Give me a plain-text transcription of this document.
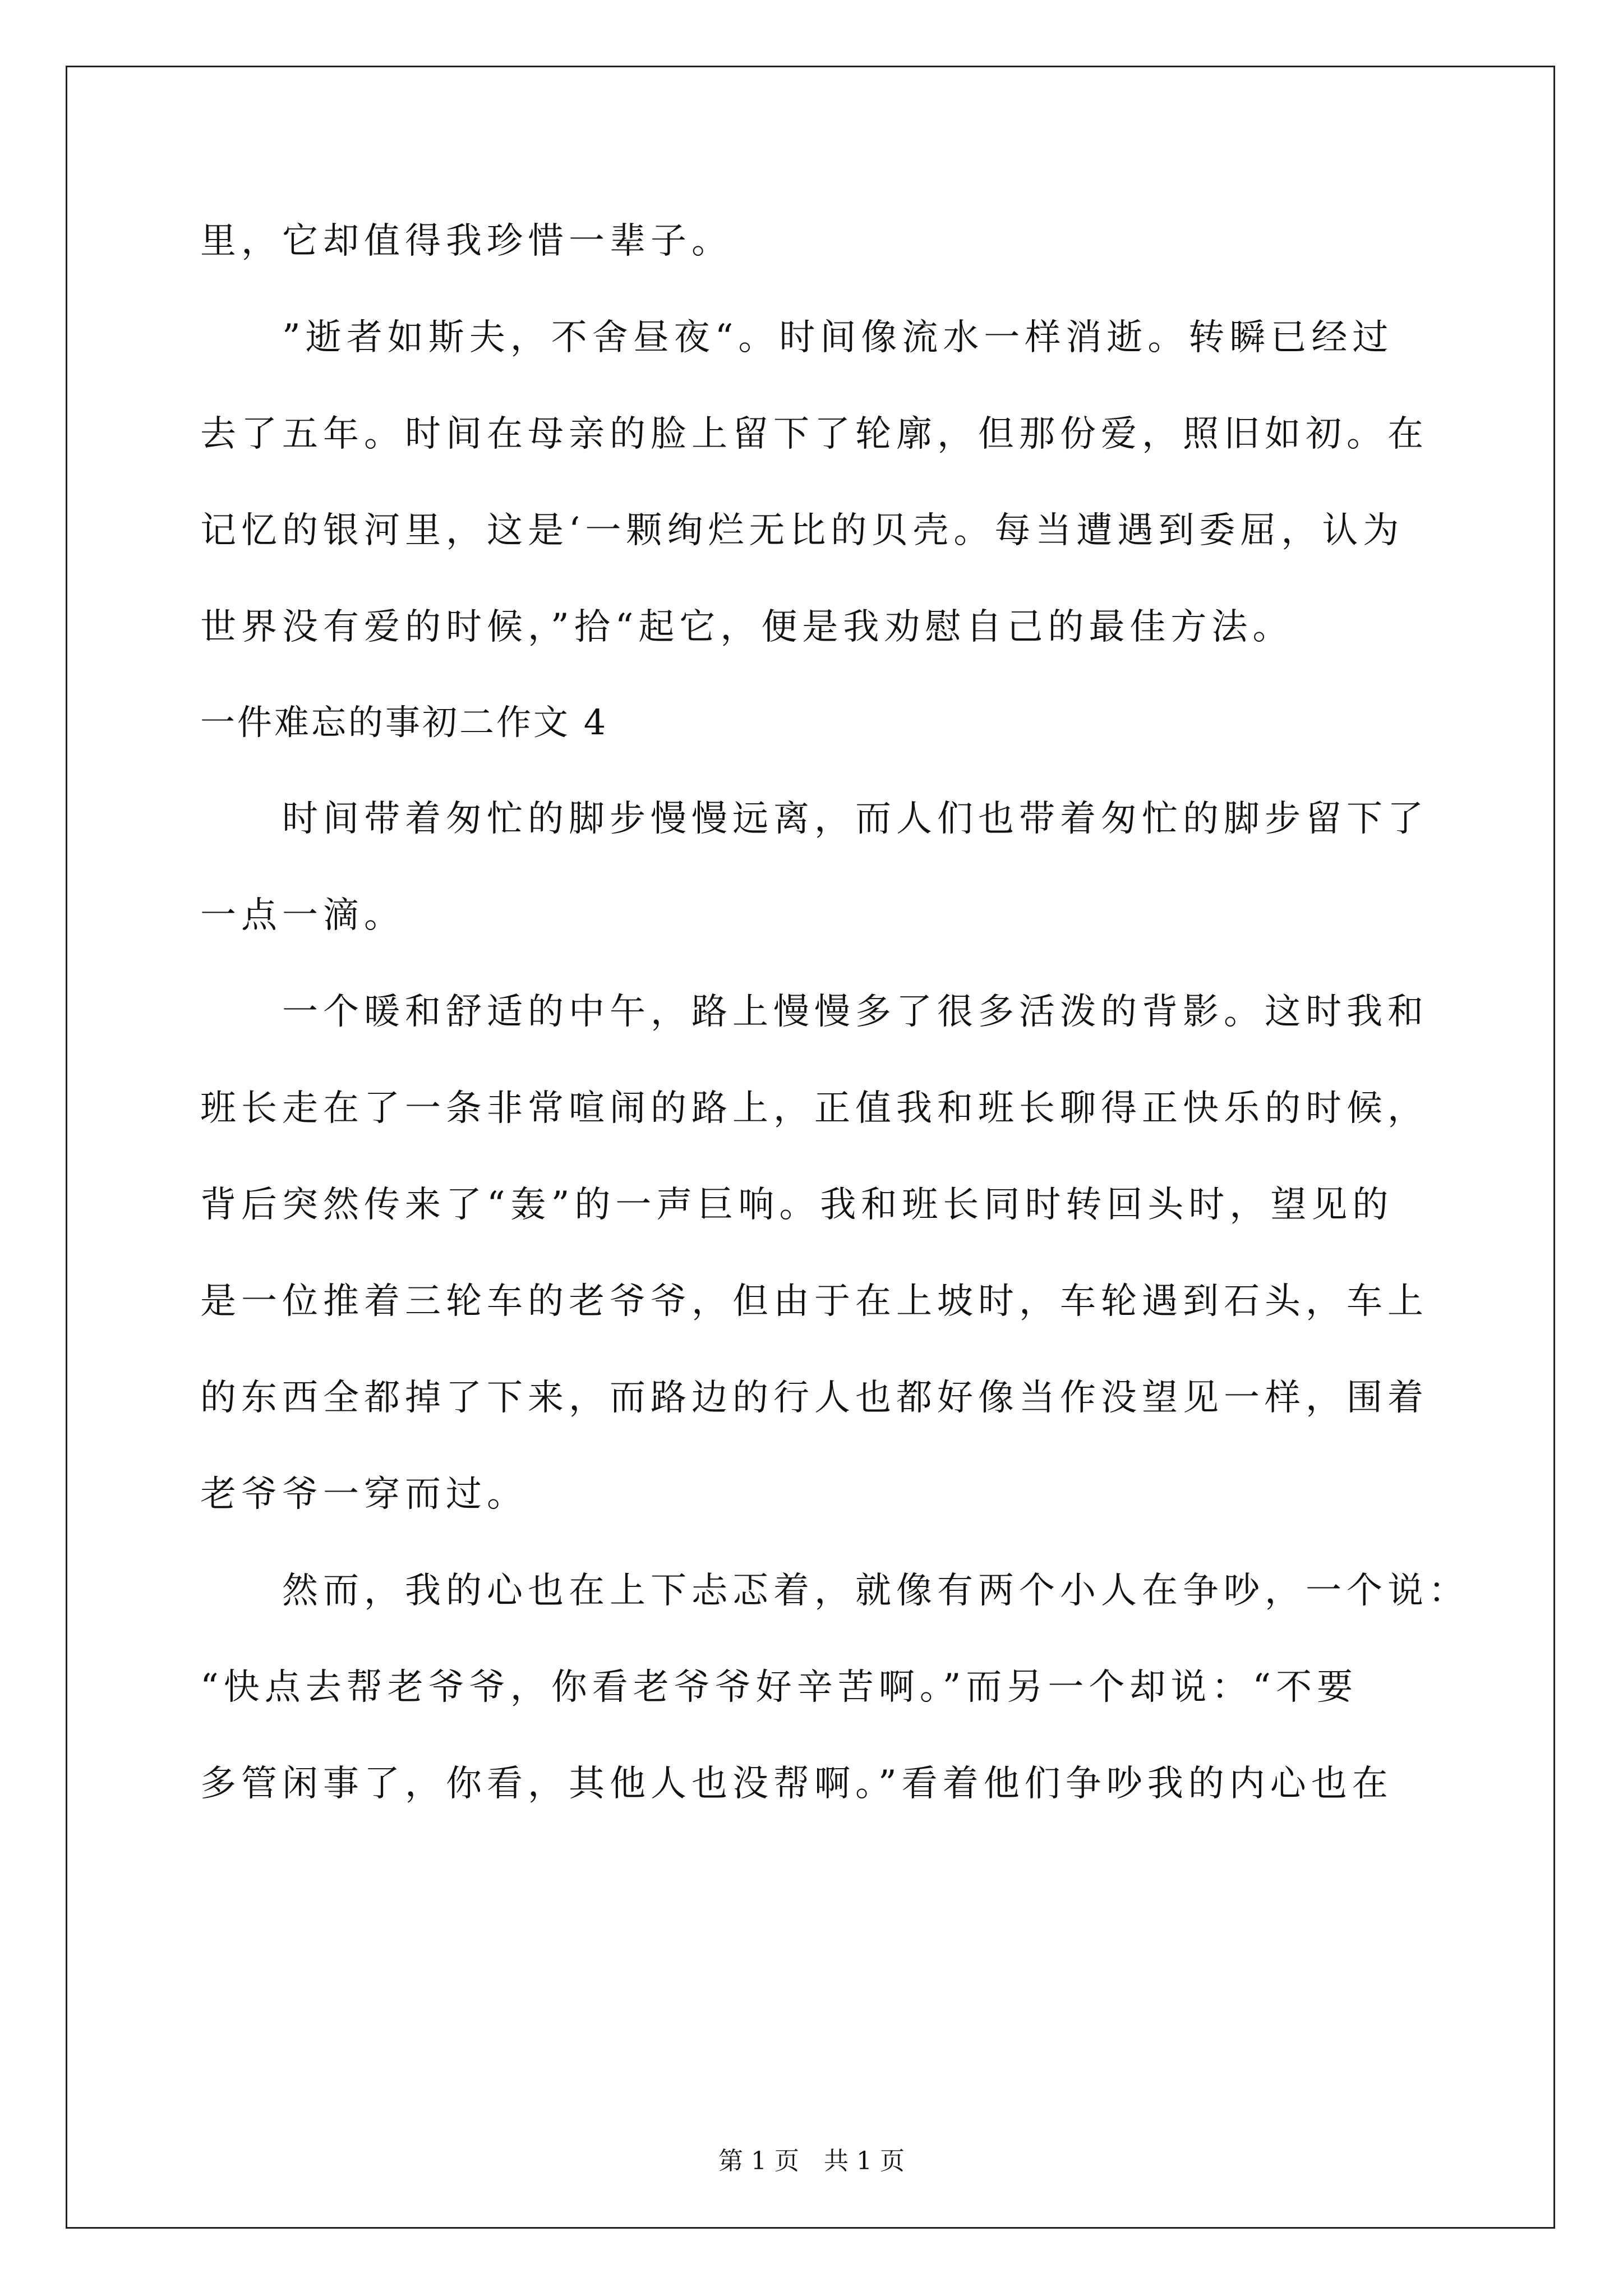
里，它却值得我珍惜一辈子。
　　”逝者如斯夫，不舍昼夜“。时间像流水一样消逝。转瞬已经过
去了五年。时间在母亲的脸上留下了轮廓，但那份爱，照旧如初。在
记忆的银河里，这是‘一颗绚烂无比的贝壳。每当遭遇到委屈，认为
世界没有爱的时候，”拾“起它，便是我劝慰自己的最佳方法。
一件难忘的事初二作文 4
　　时间带着匆忙的脚步慢慢远离，而人们也带着匆忙的脚步留下了
一点一滴。
　　一个暖和舒适的中午，路上慢慢多了很多活泼的背影。这时我和
班长走在了一条非常喧闹的路上，正值我和班长聊得正快乐的时候，
背后突然传来了“轰”的一声巨响。我和班长同时转回头时，望见的
是一位推着三轮车的老爷爷，但由于在上坡时，车轮遇到石头，车上
的东西全都掉了下来，而路边的行人也都好像当作没望见一样，围着
老爷爷一穿而过。
　　然而，我的心也在上下忐忑着，就像有两个小人在争吵，一个说：
“快点去帮老爷爷，你看老爷爷好辛苦啊。”而另一个却说：“不要
多管闲事了，你看，其他人也没帮啊。”看着他们争吵我的内心也在
第 1 页　共 1 页
